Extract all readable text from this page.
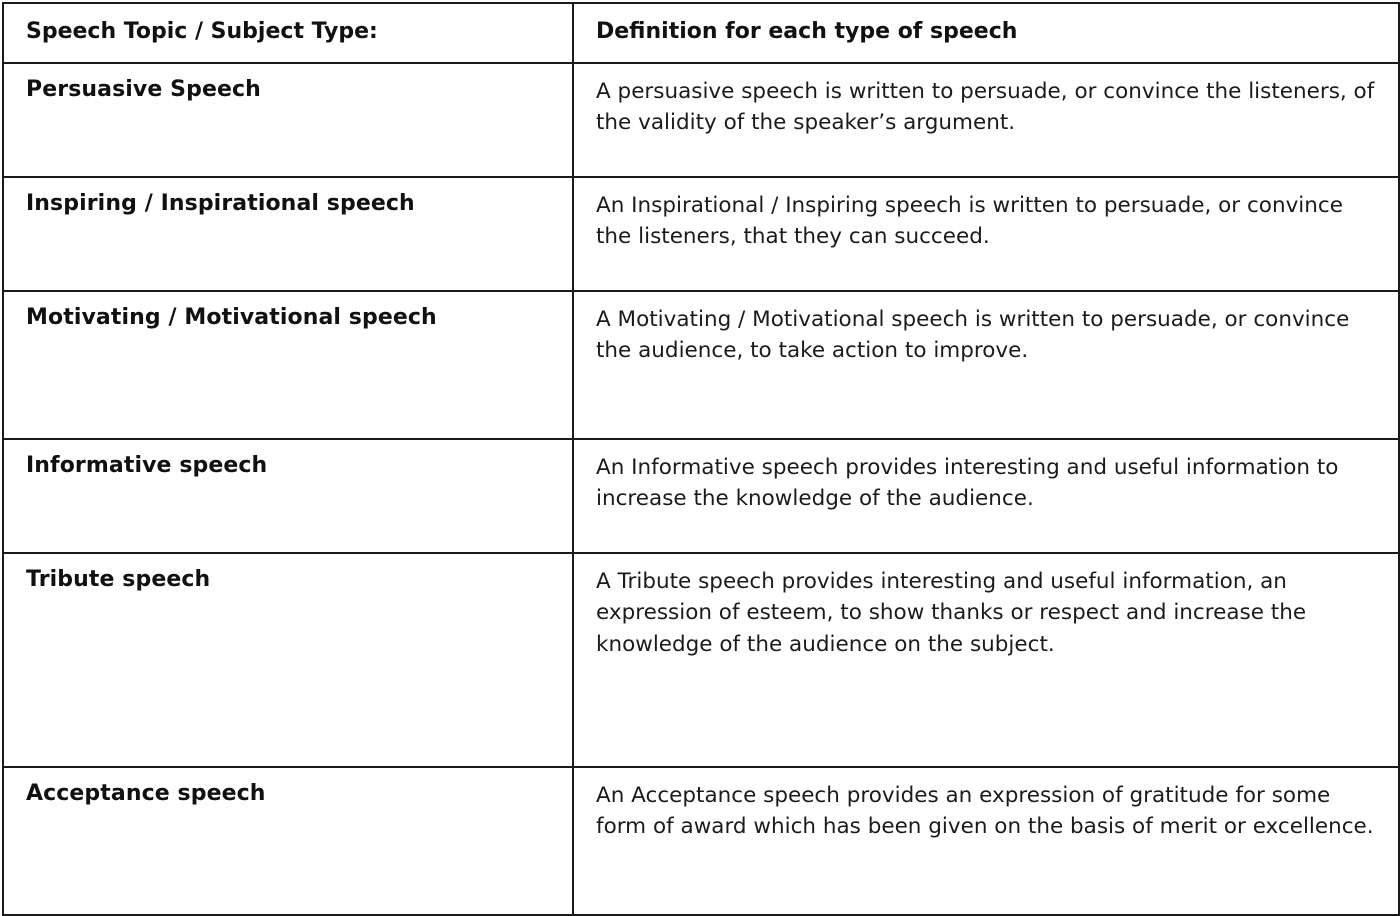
Speech Topic / Subject Type:	Definition for each type of speech
Persuasive Speech	A persuasive speech is written to persuade, or convince the listeners, of the validity of the speaker’s argument.
Inspiring / Inspirational speech	An Inspirational / Inspiring speech is written to persuade, or convince the listeners, that they can succeed.
Motivating / Motivational speech	A Motivating / Motivational speech is written to persuade, or convince the audience, to take action to improve.
Informative speech	An Informative speech provides interesting and useful information to increase the knowledge of the audience.
Tribute speech	A Tribute speech provides interesting and useful information, an expression of esteem, to show thanks or respect and increase the knowledge of the audience on the subject.
Acceptance speech	An Acceptance speech provides an expression of gratitude for some form of award which has been given on the basis of merit or excellence.
